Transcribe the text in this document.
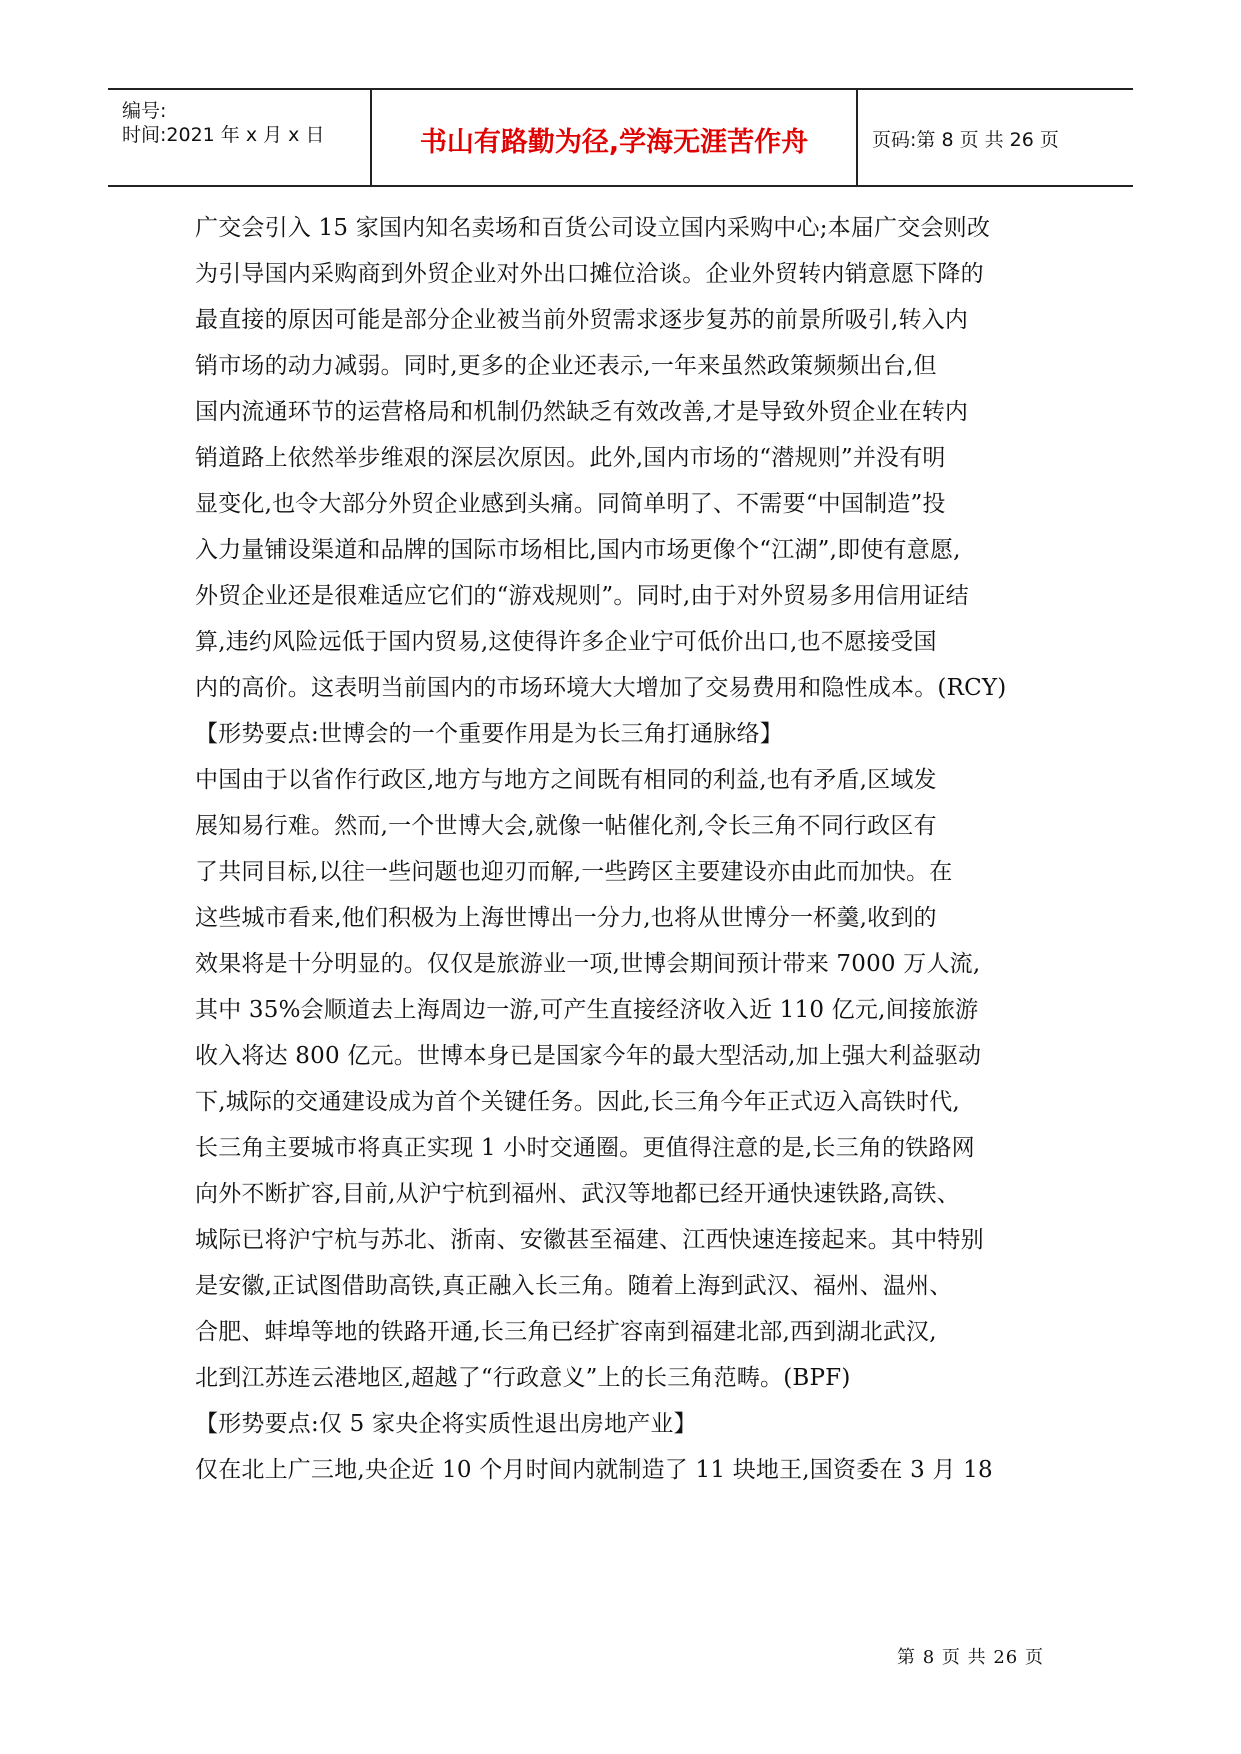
编号:
时间:2021 年 x 月 x 日	书山有路勤为径,学海无涯苦作舟	页码:第 8 页 共 26 页
广交会引入 15 家国内知名卖场和百货公司设立国内采购中心;本届广交会则改
为引导国内采购商到外贸企业对外出口摊位洽谈。企业外贸转内销意愿下降的
最直接的原因可能是部分企业被当前外贸需求逐步复苏的前景所吸引,转入内
销市场的动力减弱。同时,更多的企业还表示,一年来虽然政策频频出台,但
国内流通环节的运营格局和机制仍然缺乏有效改善,才是导致外贸企业在转内
销道路上依然举步维艰的深层次原因。此外,国内市场的“潜规则”并没有明
显变化,也令大部分外贸企业感到头痛。同简单明了、不需要“中国制造”投
入力量铺设渠道和品牌的国际市场相比,国内市场更像个“江湖”,即使有意愿,
外贸企业还是很难适应它们的“游戏规则”。同时,由于对外贸易多用信用证结
算,违约风险远低于国内贸易,这使得许多企业宁可低价出口,也不愿接受国
内的高价。这表明当前国内的市场环境大大增加了交易费用和隐性成本。(RCY)
【形势要点:世博会的一个重要作用是为长三角打通脉络】
中国由于以省作行政区,地方与地方之间既有相同的利益,也有矛盾,区域发
展知易行难。然而,一个世博大会,就像一帖催化剂,令长三角不同行政区有
了共同目标,以往一些问题也迎刃而解,一些跨区主要建设亦由此而加快。在
这些城市看来,他们积极为上海世博出一分力,也将从世博分一杯羹,收到的
效果将是十分明显的。仅仅是旅游业一项,世博会期间预计带来 7000 万人流,
其中 35%会顺道去上海周边一游,可产生直接经济收入近 110 亿元,间接旅游
收入将达 800 亿元。世博本身已是国家今年的最大型活动,加上强大利益驱动
下,城际的交通建设成为首个关键任务。因此,长三角今年正式迈入高铁时代,
长三角主要城市将真正实现 1 小时交通圈。更值得注意的是,长三角的铁路网
向外不断扩容,目前,从沪宁杭到福州、武汉等地都已经开通快速铁路,高铁、
城际已将沪宁杭与苏北、浙南、安徽甚至福建、江西快速连接起来。其中特别
是安徽,正试图借助高铁,真正融入长三角。随着上海到武汉、福州、温州、
合肥、蚌埠等地的铁路开通,长三角已经扩容南到福建北部,西到湖北武汉,
北到江苏连云港地区,超越了“行政意义”上的长三角范畴。(BPF)
【形势要点:仅 5 家央企将实质性退出房地产业】
仅在北上广三地,央企近 10 个月时间内就制造了 11 块地王,国资委在 3 月 18
第 8 页 共 26 页
